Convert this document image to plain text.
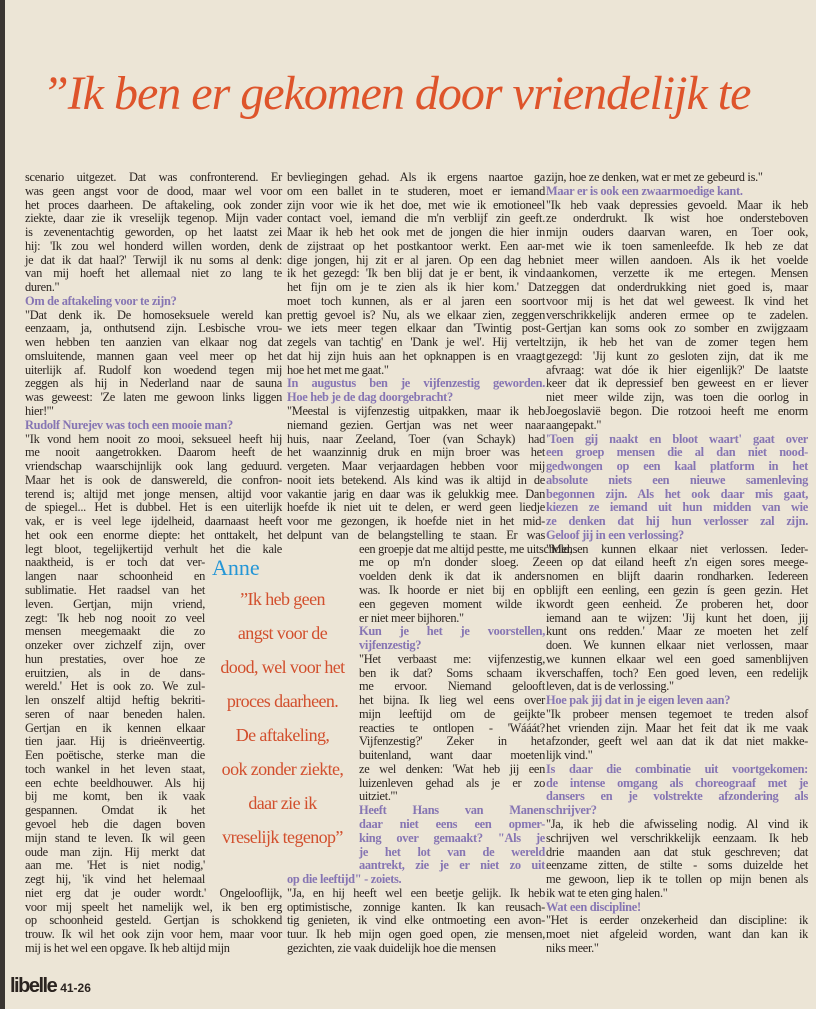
”Ik ben er gekomen door vriendelijk te
scenario uitgezet. Dat was confronterend. Er
was geen angst voor de dood, maar wel voor
het proces daarheen. De aftakeling, ook zonder
ziekte, daar zie ik vreselijk tegenop. Mijn vader
is zevenentachtig geworden, op het laatst zei
hij: 'Ik zou wel honderd willen worden, denk
je dat ik dat haal?' Terwijl ik nu soms al denk:
van mij hoeft het allemaal niet zo lang te
duren."
Om de aftakeling voor te zijn?
"Dat denk ik. De homoseksuele wereld kan
eenzaam, ja, onthutsend zijn. Lesbische vrou-
wen hebben ten aanzien van elkaar nog dat
omsluitende, mannen gaan veel meer op het
uiterlijk af. Rudolf kon woedend tegen mij
zeggen als hij in Nederland naar de sauna
was geweest: 'Ze laten me gewoon links liggen
hier!'"
Rudolf Nurejev was toch een mooie man?
"Ik vond hem nooit zo mooi, seksueel heeft hij
me nooit aangetrokken. Daarom heeft de
vriendschap waarschijnlijk ook lang geduurd.
Maar het is ook de danswereld, die confron-
terend is; altijd met jonge mensen, altijd voor
de spiegel... Het is dubbel. Het is een uiterlijk
vak, er is veel lege ijdelheid, daarnaast heeft
het ook een enorme diepte: het onttakelt, het
legt bloot, tegelijkertijd verhult het die kale
naaktheid, is er toch dat ver-
langen naar schoonheid en
sublimatie. Het raadsel van het
leven. Gertjan, mijn vriend,
zegt: 'Ik heb nog nooit zo veel
mensen meegemaakt die zo
onzeker over zichzelf zijn, over
hun prestaties, over hoe ze
eruitzien, als in de dans-
wereld.' Het is ook zo. We zul-
len onszelf altijd heftig bekriti-
seren of naar beneden halen.
Gertjan en ik kennen elkaar
tien jaar. Hij is drieënveertig.
Een poëtische, sterke man die
toch wankel in het leven staat,
een echte beeldhouwer. Als hij
bij me komt, ben ik vaak
gespannen. Omdat ik het
gevoel heb die dagen boven
mijn stand te leven. Ik wil geen
oude man zijn. Hij merkt dat
aan me. 'Het is niet nodig,'
zegt hij, 'ik vind het helemaal
niet erg dat je ouder wordt.' Ongelooflijk,
voor mij speelt het namelijk wel, ik ben erg
op schoonheid gesteld. Gertjan is schokkend
trouw. Ik wil het ook zijn voor hem, maar voor
mij is het wel een opgave. Ik heb altijd mijn
bevliegingen gehad. Als ik ergens naartoe ga
om een ballet in te studeren, moet er iemand
zijn voor wie ik het doe, met wie ik emotioneel
contact voel, iemand die m'n verblijf zin geeft.
Maar ik heb het ook met de jongen die hier in
de zijstraat op het postkantoor werkt. Een aar-
dige jongen, hij zit er al jaren. Op een dag heb
ik het gezegd: 'Ik ben blij dat je er bent, ik vind
het fijn om je te zien als ik hier kom.' Dat
moet toch kunnen, als er al jaren een soort
prettig gevoel is? Nu, als we elkaar zien, zeggen
we iets meer tegen elkaar dan 'Twintig post-
zegels van tachtig' en 'Dank je wel'. Hij vertelt
dat hij zijn huis aan het opknappen is en vraagt
hoe het met me gaat."
In augustus ben je vijfenzestig geworden.
Hoe heb je de dag doorgebracht?
"Meestal is vijfenzestig uitpakken, maar ik heb
niemand gezien. Gertjan was net weer naar
huis, naar Zeeland, Toer (van Schayk) had
het waanzinnig druk en mijn broer was het
vergeten. Maar verjaardagen hebben voor mij
nooit iets betekend. Als kind was ik altijd in de
vakantie jarig en daar was ik gelukkig mee. Dan
hoefde ik niet uit te delen, er werd geen liedje
voor me gezongen, ik hoefde niet in het mid-
delpunt van de belangstelling te staan. Er was
een groepje dat me altijd pestte, me uitschold,
me op m'n donder sloeg. Ze
voelden denk ik dat ik anders
was. Ik hoorde er niet bij en op
een gegeven moment wilde ik
er niet meer bijhoren."
Kun je het je voorstellen,
vijfenzestig?
"Het verbaast me: vijfenzestig,
ben ik dat? Soms schaam ik
me ervoor. Niemand gelooft
het bijna. Ik lieg wel eens over
mijn leeftijd om de geijkte
reacties te ontlopen - 'Wááát?
Vijfenzestig?' Zeker in het
buitenland, want daar moeten
ze wel denken: 'Wat heb jij een
luizenleven gehad als je er zo
uitziet.'"
Heeft Hans van Manen
daar niet eens een opmer-
king over gemaakt? "Als je
je het lot van de wereld
aantrekt, zie je er niet zo uit
op die leeftijd" - zoiets.
"Ja, en hij heeft wel een beetje gelijk. Ik heb
optimistische, zonnige kanten. Ik kan reusach-
tig genieten, ik vind elke ontmoeting een avon-
tuur. Ik heb mijn ogen goed open, zie mensen,
gezichten, zie vaak duidelijk hoe die mensen
zijn, hoe ze denken, wat er met ze gebeurd is."
Maar er is ook een zwaarmoedige kant.
"Ik heb vaak depressies gevoeld. Maar ik heb
ze onderdrukt. Ik wist hoe ondersteboven
mijn ouders daarvan waren, en Toer ook,
met wie ik toen samenleefde. Ik heb ze dat
niet meer willen aandoen. Als ik het voelde
aankomen, verzette ik me ertegen. Mensen
zeggen dat onderdrukking niet goed is, maar
voor mij is het dat wel geweest. Ik vind het
verschrikkelijk anderen ermee op te zadelen.
Gertjan kan soms ook zo somber en zwijgzaam
zijn, ik heb het van de zomer tegen hem
gezegd: 'Jij kunt zo gesloten zijn, dat ik me
afvraag: wat dóe ik hier eigenlijk?' De laatste
keer dat ik depressief ben geweest en er liever
niet meer wilde zijn, was toen die oorlog in
Joegoslavië begon. Die rotzooi heeft me enorm
aangepakt."
'Toen gij naakt en bloot waart' gaat over
een groep mensen die al dan niet nood-
gedwongen op een kaal platform in het
absolute niets een nieuwe samenleving
begonnen zijn. Als het ook daar mis gaat,
kiezen ze iemand uit hun midden van wie
ze denken dat hij hun verlosser zal zijn.
Geloof jij in een verlossing?
"Mensen kunnen elkaar niet verlossen. Ieder-
een op dat eiland heeft z'n eigen sores meege-
nomen en blijft daarin rondharken. Iedereen
blijft een eenling, een gezin ís geen gezin. Het
wordt geen eenheid. Ze proberen het, door
iemand aan te wijzen: 'Jij kunt het doen, jij
kunt ons redden.' Maar ze moeten het zelf
doen. We kunnen elkaar niet verlossen, maar
we kunnen elkaar wel een goed samenblijven
verschaffen, toch? Een goed leven, een redelijk
leven, dat is de verlossing."
Hoe pak jij dat in je eigen leven aan?
"Ik probeer mensen tegemoet te treden alsof
het vrienden zijn. Maar het feit dat ik me vaak
afzonder, geeft wel aan dat ik dat niet makke-
lijk vind."
Is daar die combinatie uit voortgekomen:
de intense omgang als choreograaf met je
dansers en je volstrekte afzondering als
schrijver?
"Ja, ik heb die afwisseling nodig. Al vind ik
schrijven wel verschrikkelijk eenzaam. Ik heb
drie maanden aan dat stuk geschreven; dat
eenzame zitten, de stilte - soms duizelde het
me gewoon, liep ik te tollen op mijn benen als
ik wat te eten ging halen."
Wat een discipline!
"Het is eerder onzekerheid dan discipline: ik
moet niet afgeleid worden, want dan kan ik
niks meer."
Anne
”Ik heb geen
angst voor de
dood, wel voor het
proces daarheen.
De aftakeling,
ook zonder ziekte,
daar zie ik
vreselijk tegenop”
libelle 41-26
